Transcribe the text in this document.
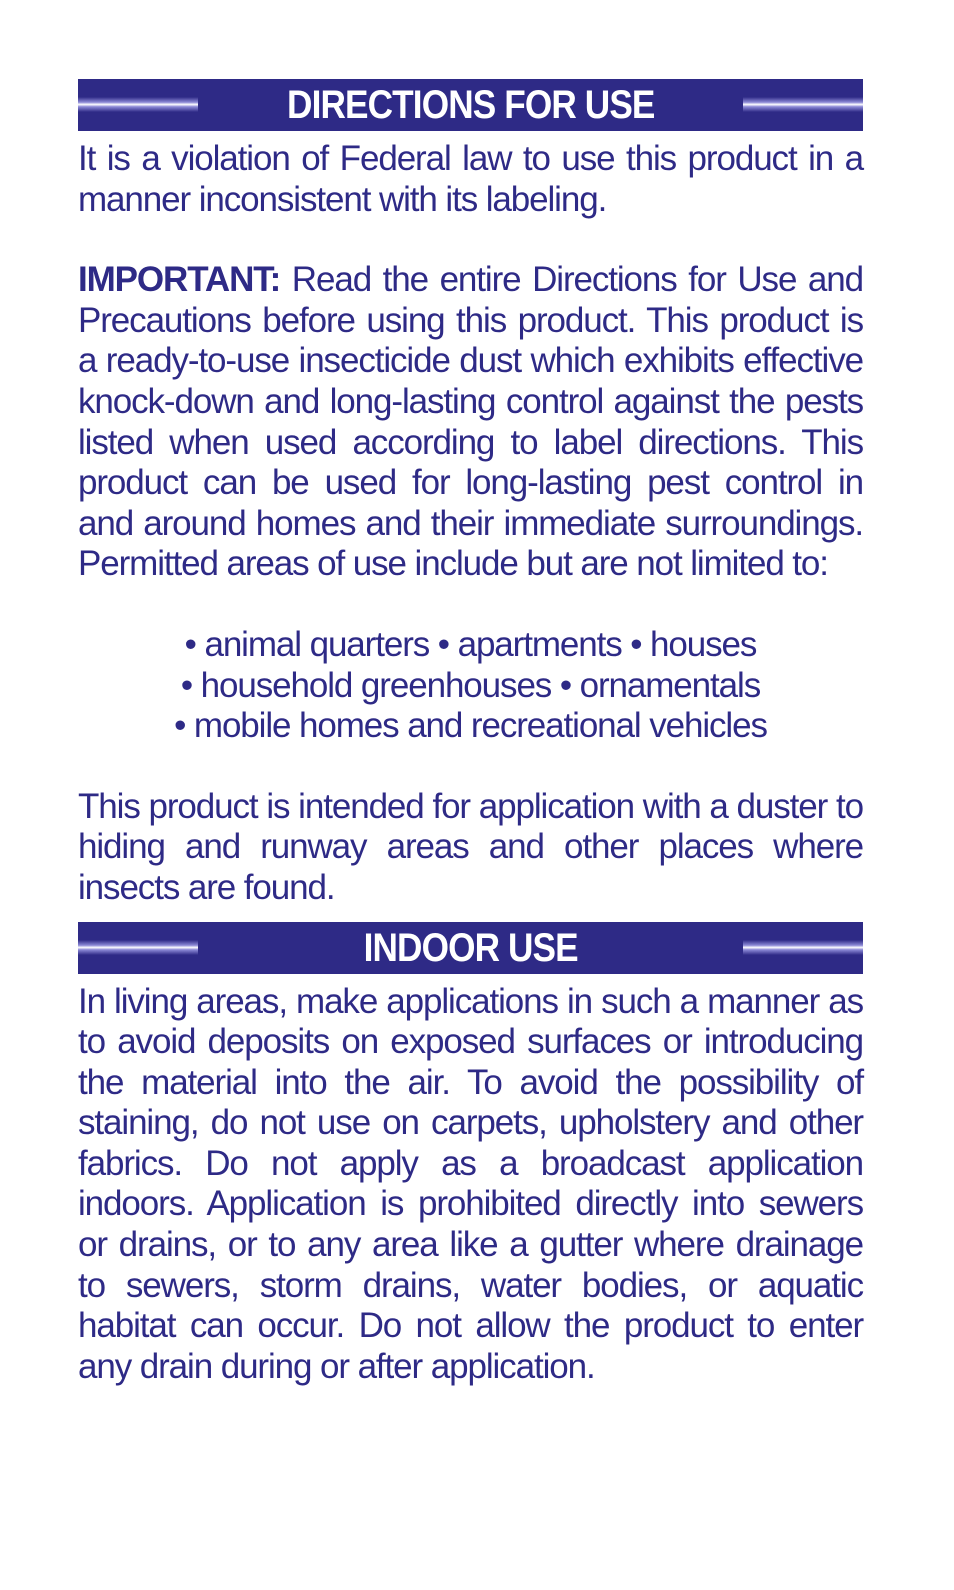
DIRECTIONS FOR USE

It is a violation of Federal law to use this product in a manner inconsistent with its labeling.

IMPORTANT: Read the entire Directions for Use and Precautions before using this product. This product is a ready-to-use insecticide dust which exhibits effective knock-down and long-lasting control against the pests listed when used according to label directions. This product can be used for long-lasting pest control in and around homes and their immediate surroundings. Permitted areas of use include but are not limited to:

• animal quarters • apartments • houses
• household greenhouses • ornamentals
• mobile homes and recreational vehicles

This product is intended for application with a duster to hiding and runway areas and other places where insects are found.

INDOOR USE

In living areas, make applications in such a manner as to avoid deposits on exposed surfaces or introducing the material into the air. To avoid the possibility of staining, do not use on carpets, upholstery and other fabrics. Do not apply as a broadcast application indoors. Application is prohibited directly into sewers or drains, or to any area like a gutter where drainage to sewers, storm drains, water bodies, or aquatic habitat can occur. Do not allow the product to enter any drain during or after application.
